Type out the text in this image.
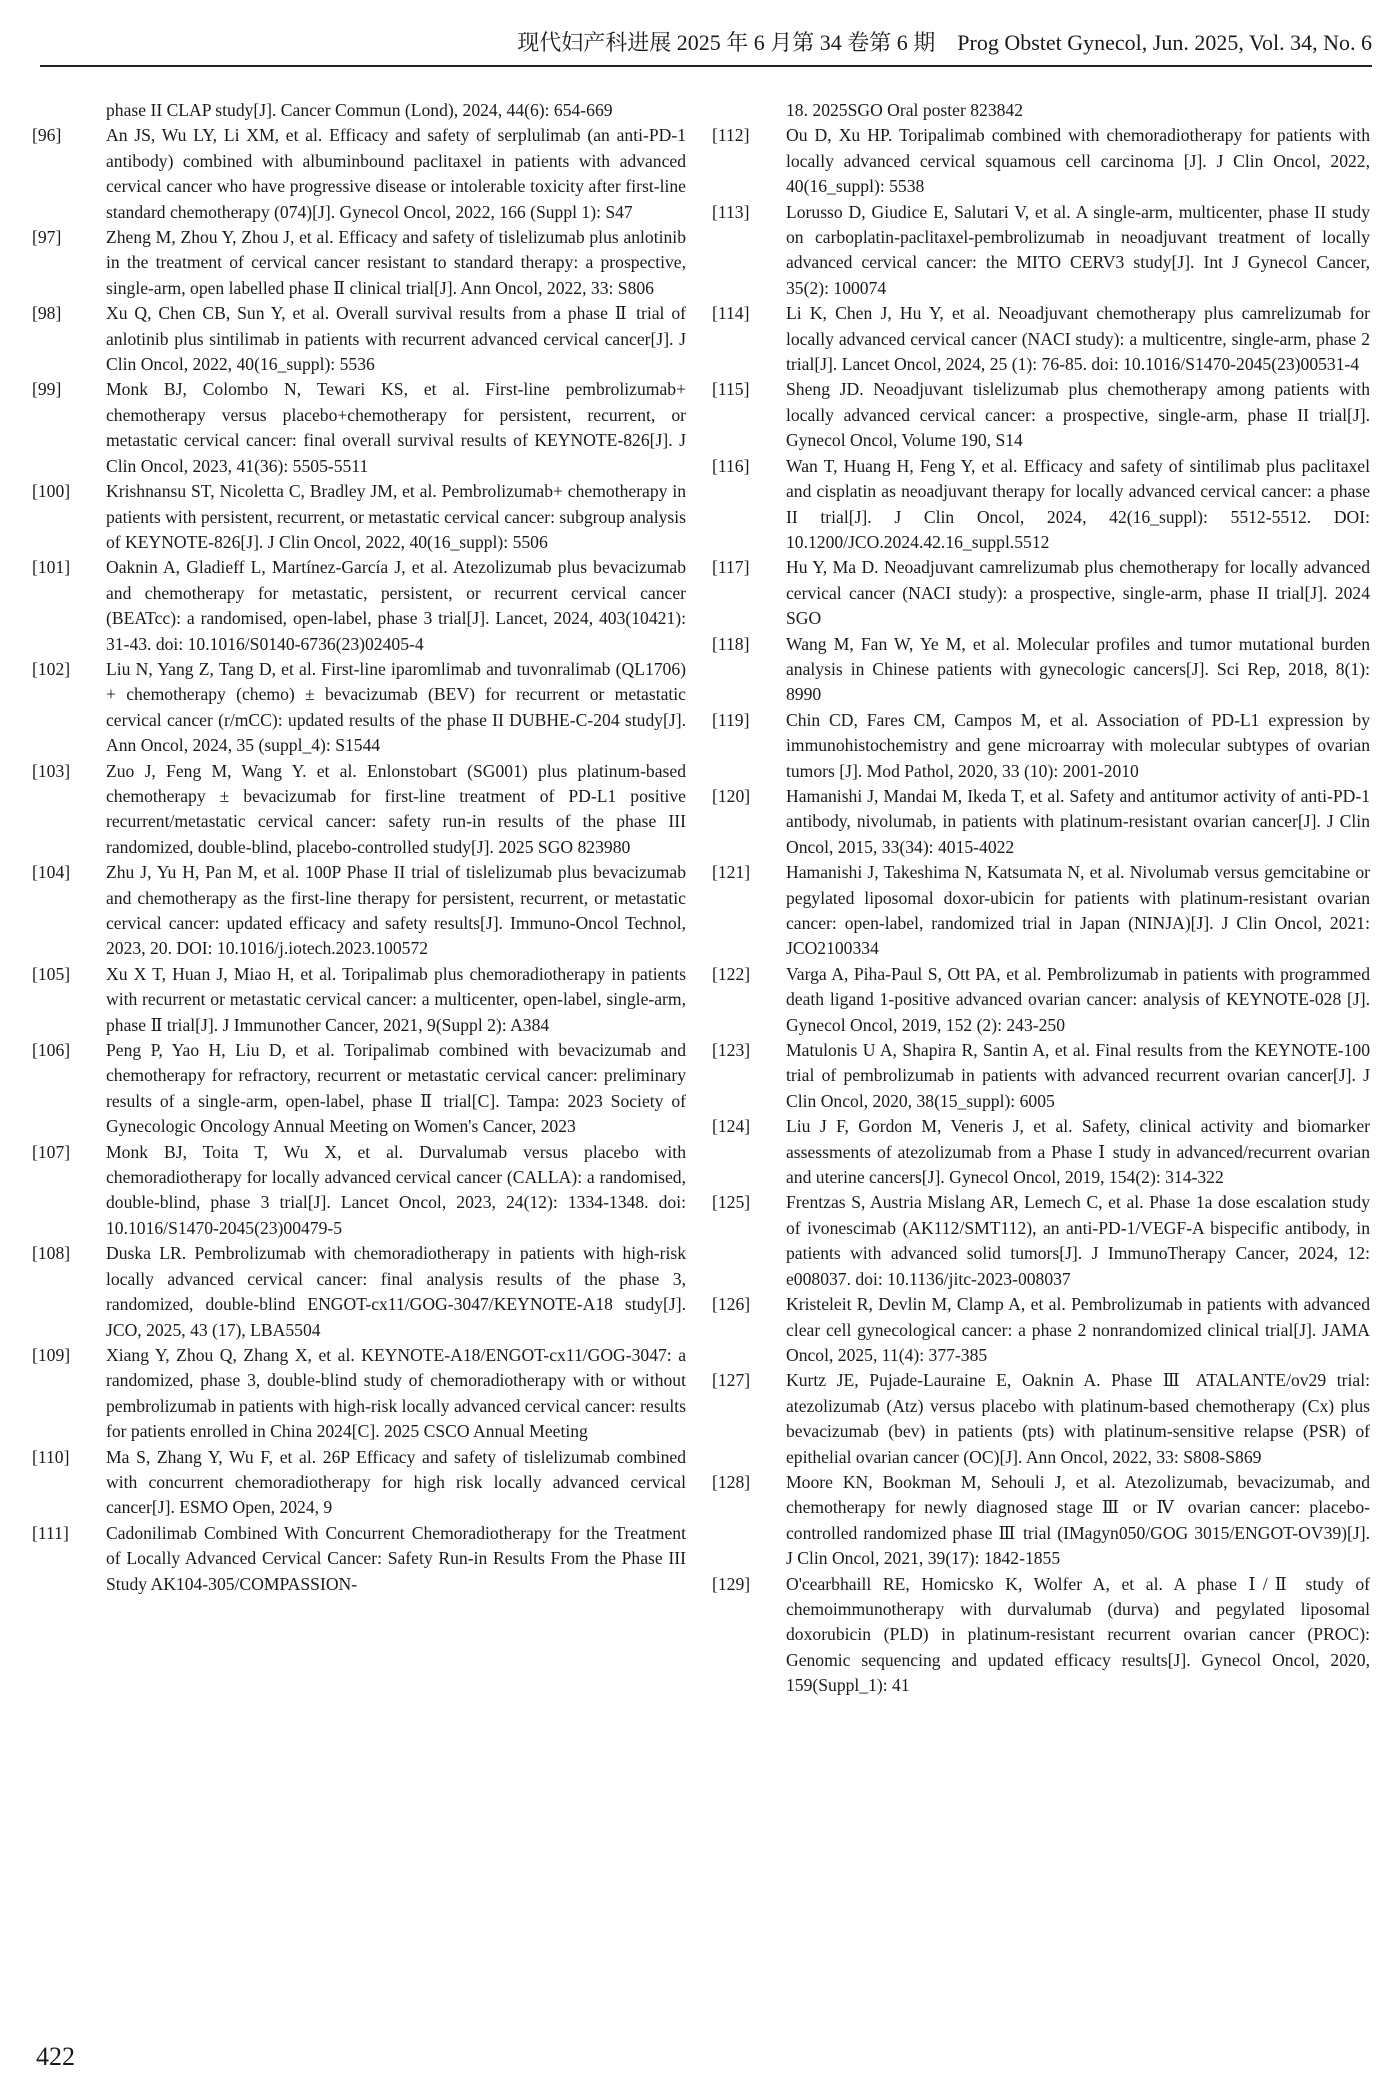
现代妇产科进展 2025 年 6 月第 34 卷第 6 期　Prog Obstet Gynecol, Jun. 2025, Vol. 34, No. 6
phase II CLAP study[J]. Cancer Commun (Lond), 2024, 44(6): 654-669
[96]	An JS, Wu LY, Li XM, et al. Efficacy and safety of serplulimab (an anti-PD-1 antibody) combined with albuminbound paclitaxel in patients with advanced cervical cancer who have progressive disease or intolerable toxicity after first-line standard chemotherapy (074)[J]. Gynecol Oncol, 2022, 166 (Suppl 1): S47
[97]	Zheng M, Zhou Y, Zhou J, et al. Efficacy and safety of tislelizumab plus anlotinib in the treatment of cervical cancer resistant to standard therapy: a prospective, single-arm, open labelled phase Ⅱ clinical trial[J]. Ann Oncol, 2022, 33: S806
[98]	Xu Q, Chen CB, Sun Y, et al. Overall survival results from a phase Ⅱ trial of anlotinib plus sintilimab in patients with recurrent advanced cervical cancer[J]. J Clin Oncol, 2022, 40(16_suppl): 5536
[99]	Monk BJ, Colombo N, Tewari KS, et al. First-line pembrolizumab+ chemotherapy versus placebo+chemotherapy for persistent, recurrent, or metastatic cervical cancer: final overall survival results of KEYNOTE-826[J]. J Clin Oncol, 2023, 41(36): 5505-5511
[100]	Krishnansu ST, Nicoletta C, Bradley JM, et al. Pembrolizumab+ chemotherapy in patients with persistent, recurrent, or metastatic cervical cancer: subgroup analysis of KEYNOTE-826[J]. J Clin Oncol, 2022, 40(16_suppl): 5506
[101]	Oaknin A, Gladieff L, Martínez-García J, et al. Atezolizumab plus bevacizumab and chemotherapy for metastatic, persistent, or recurrent cervical cancer (BEATcc): a randomised, open-label, phase 3 trial[J]. Lancet, 2024, 403(10421): 31-43. doi: 10.1016/S0140-6736(23)02405-4
[102]	Liu N, Yang Z, Tang D, et al. First-line iparomlimab and tuvonralimab (QL1706) + chemotherapy (chemo) ± bevacizumab (BEV) for recurrent or metastatic cervical cancer (r/mCC): updated results of the phase II DUBHE-C-204 study[J]. Ann Oncol, 2024, 35 (suppl_4): S1544
[103]	Zuo J, Feng M, Wang Y. et al. Enlonstobart (SG001) plus platinum-based chemotherapy ± bevacizumab for first-line treatment of PD-L1 positive recurrent/metastatic cervical cancer: safety run-in results of the phase III randomized, double-blind, placebo-controlled study[J]. 2025 SGO 823980
[104]	Zhu J, Yu H, Pan M, et al. 100P Phase II trial of tislelizumab plus bevacizumab and chemotherapy as the first-line therapy for persistent, recurrent, or metastatic cervical cancer: updated efficacy and safety results[J]. Immuno-Oncol Technol, 2023, 20. DOI: 10.1016/j.iotech.2023.100572
[105]	Xu X T, Huan J, Miao H, et al. Toripalimab plus chemoradiotherapy in patients with recurrent or metastatic cervical cancer: a multicenter, open-label, single-arm, phase Ⅱ trial[J]. J Immunother Cancer, 2021, 9(Suppl 2): A384
[106]	Peng P, Yao H, Liu D, et al. Toripalimab combined with bevacizumab and chemotherapy for refractory, recurrent or metastatic cervical cancer: preliminary results of a single-arm, open-label, phase Ⅱ trial[C]. Tampa: 2023 Society of Gynecologic Oncology Annual Meeting on Women's Cancer, 2023
[107]	Monk BJ, Toita T, Wu X, et al. Durvalumab versus placebo with chemoradiotherapy for locally advanced cervical cancer (CALLA): a randomised, double-blind, phase 3 trial[J]. Lancet Oncol, 2023, 24(12): 1334-1348. doi: 10.1016/S1470-2045(23)00479-5
[108]	Duska LR. Pembrolizumab with chemoradiotherapy in patients with high-risk locally advanced cervical cancer: final analysis results of the phase 3, randomized, double-blind ENGOT-cx11/GOG-3047/KEYNOTE-A18 study[J]. JCO, 2025, 43 (17), LBA5504
[109]	Xiang Y, Zhou Q, Zhang X, et al. KEYNOTE-A18/ENGOT-cx11/GOG-3047: a randomized, phase 3, double-blind study of chemoradiotherapy with or without pembrolizumab in patients with high-risk locally advanced cervical cancer: results for patients enrolled in China 2024[C]. 2025 CSCO Annual Meeting
[110]	Ma S, Zhang Y, Wu F, et al. 26P Efficacy and safety of tislelizumab combined with concurrent chemoradiotherapy for high risk locally advanced cervical cancer[J]. ESMO Open, 2024, 9
[111]	Cadonilimab Combined With Concurrent Chemoradiotherapy for the Treatment of Locally Advanced Cervical Cancer: Safety Run-in Results From the Phase III Study AK104-305/COMPASSION-
18. 2025SGO Oral poster 823842
[112]	Ou D, Xu HP. Toripalimab combined with chemoradiotherapy for patients with locally advanced cervical squamous cell carcinoma [J]. J Clin Oncol, 2022, 40(16_suppl): 5538
[113]	Lorusso D, Giudice E, Salutari V, et al. A single-arm, multicenter, phase II study on carboplatin-paclitaxel-pembrolizumab in neoadjuvant treatment of locally advanced cervical cancer: the MITO CERV3 study[J]. Int J Gynecol Cancer, 35(2): 100074
[114]	Li K, Chen J, Hu Y, et al. Neoadjuvant chemotherapy plus camrelizumab for locally advanced cervical cancer (NACI study): a multicentre, single-arm, phase 2 trial[J]. Lancet Oncol, 2024, 25 (1): 76-85. doi: 10.1016/S1470-2045(23)00531-4
[115]	Sheng JD. Neoadjuvant tislelizumab plus chemotherapy among patients with locally advanced cervical cancer: a prospective, single-arm, phase II trial[J]. Gynecol Oncol, Volume 190, S14
[116]	Wan T, Huang H, Feng Y, et al. Efficacy and safety of sintilimab plus paclitaxel and cisplatin as neoadjuvant therapy for locally advanced cervical cancer: a phase II trial[J]. J Clin Oncol, 2024, 42(16_suppl): 5512-5512. DOI: 10.1200/JCO.2024.42.16_suppl.5512
[117]	Hu Y, Ma D. Neoadjuvant camrelizumab plus chemotherapy for locally advanced cervical cancer (NACI study): a prospective, single-arm, phase II trial[J]. 2024 SGO
[118]	Wang M, Fan W, Ye M, et al. Molecular profiles and tumor mutational burden analysis in Chinese patients with gynecologic cancers[J]. Sci Rep, 2018, 8(1): 8990
[119]	Chin CD, Fares CM, Campos M, et al. Association of PD-L1 expression by immunohistochemistry and gene microarray with molecular subtypes of ovarian tumors [J]. Mod Pathol, 2020, 33 (10): 2001-2010
[120]	Hamanishi J, Mandai M, Ikeda T, et al. Safety and antitumor activity of anti-PD-1 antibody, nivolumab, in patients with platinum-resistant ovarian cancer[J]. J Clin Oncol, 2015, 33(34): 4015-4022
[121]	Hamanishi J, Takeshima N, Katsumata N, et al. Nivolumab versus gemcitabine or pegylated liposomal doxor-ubicin for patients with platinum-resistant ovarian cancer: open-label, randomized trial in Japan (NINJA)[J]. J Clin Oncol, 2021: JCO2100334
[122]	Varga A, Piha-Paul S, Ott PA, et al. Pembrolizumab in patients with programmed death ligand 1-positive advanced ovarian cancer: analysis of KEYNOTE-028 [J]. Gynecol Oncol, 2019, 152 (2): 243-250
[123]	Matulonis U A, Shapira R, Santin A, et al. Final results from the KEYNOTE-100 trial of pembrolizumab in patients with advanced recurrent ovarian cancer[J]. J Clin Oncol, 2020, 38(15_suppl): 6005
[124]	Liu J F, Gordon M, Veneris J, et al. Safety, clinical activity and biomarker assessments of atezolizumab from a Phase Ⅰ study in advanced/recurrent ovarian and uterine cancers[J]. Gynecol Oncol, 2019, 154(2): 314-322
[125]	Frentzas S, Austria Mislang AR, Lemech C, et al. Phase 1a dose escalation study of ivonescimab (AK112/SMT112), an anti-PD-1/VEGF-A bispecific antibody, in patients with advanced solid tumors[J]. J ImmunoTherapy Cancer, 2024, 12: e008037. doi: 10.1136/jitc-2023-008037
[126]	Kristeleit R, Devlin M, Clamp A, et al. Pembrolizumab in patients with advanced clear cell gynecological cancer: a phase 2 nonrandomized clinical trial[J]. JAMA Oncol, 2025, 11(4): 377-385
[127]	Kurtz JE, Pujade-Lauraine E, Oaknin A. Phase Ⅲ ATALANTE/ov29 trial: atezolizumab (Atz) versus placebo with platinum-based chemotherapy (Cx) plus bevacizumab (bev) in patients (pts) with platinum-sensitive relapse (PSR) of epithelial ovarian cancer (OC)[J]. Ann Oncol, 2022, 33: S808-S869
[128]	Moore KN, Bookman M, Sehouli J, et al. Atezolizumab, bevacizumab, and chemotherapy for newly diagnosed stage Ⅲ or Ⅳ ovarian cancer: placebo-controlled randomized phase Ⅲ trial (IMagyn050/GOG 3015/ENGOT-OV39)[J]. J Clin Oncol, 2021, 39(17): 1842-1855
[129]	O'cearbhaill RE, Homicsko K, Wolfer A, et al. A phase Ⅰ/Ⅱ study of chemoimmunotherapy with durvalumab (durva) and pegylated liposomal doxorubicin (PLD) in platinum-resistant recurrent ovarian cancer (PROC): Genomic sequencing and updated efficacy results[J]. Gynecol Oncol, 2020, 159(Suppl_1): 41
422
